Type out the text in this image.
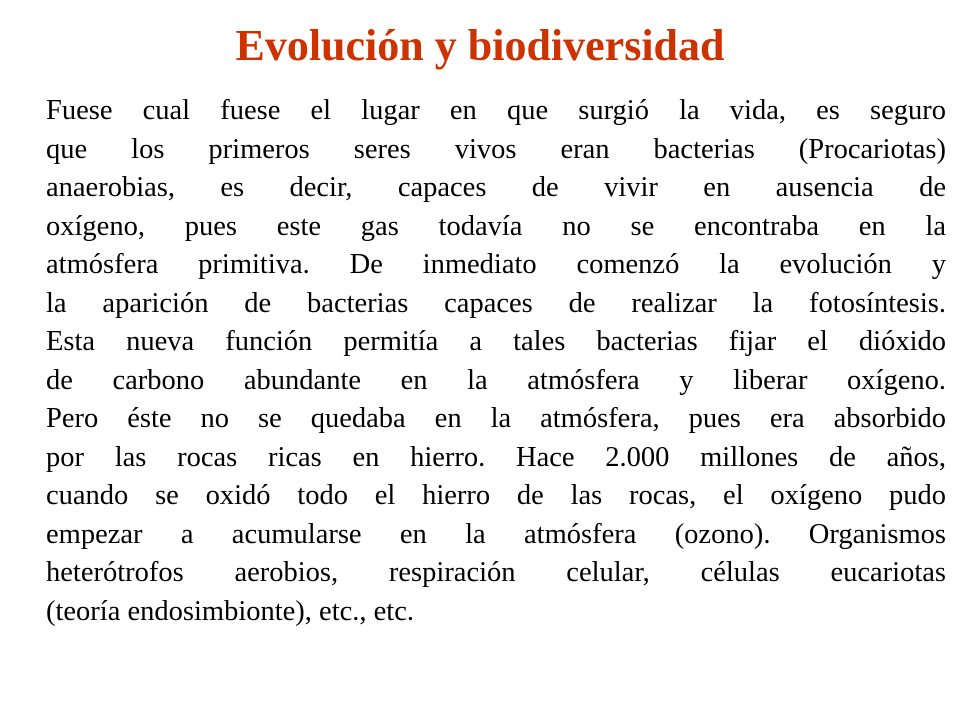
Evolución y biodiversidad
Fuese cual fuese el lugar en que surgió la vida, es seguro
que los primeros seres vivos eran bacterias (Procariotas)
anaerobias, es decir, capaces de vivir en ausencia de
oxígeno, pues este gas todavía no se encontraba en la
atmósfera primitiva. De inmediato comenzó la evolución y
la aparición de bacterias capaces de realizar la fotosíntesis.
Esta nueva función permitía a tales bacterias fijar el dióxido
de carbono abundante en la atmósfera y liberar oxígeno.
Pero éste no se quedaba en la atmósfera, pues era absorbido
por las rocas ricas en hierro. Hace 2.000 millones de años,
cuando se oxidó todo el hierro de las rocas, el oxígeno pudo
empezar a acumularse en la atmósfera (ozono). Organismos
heterótrofos aerobios, respiración celular, células eucariotas
(teoría endosimbionte), etc., etc.
